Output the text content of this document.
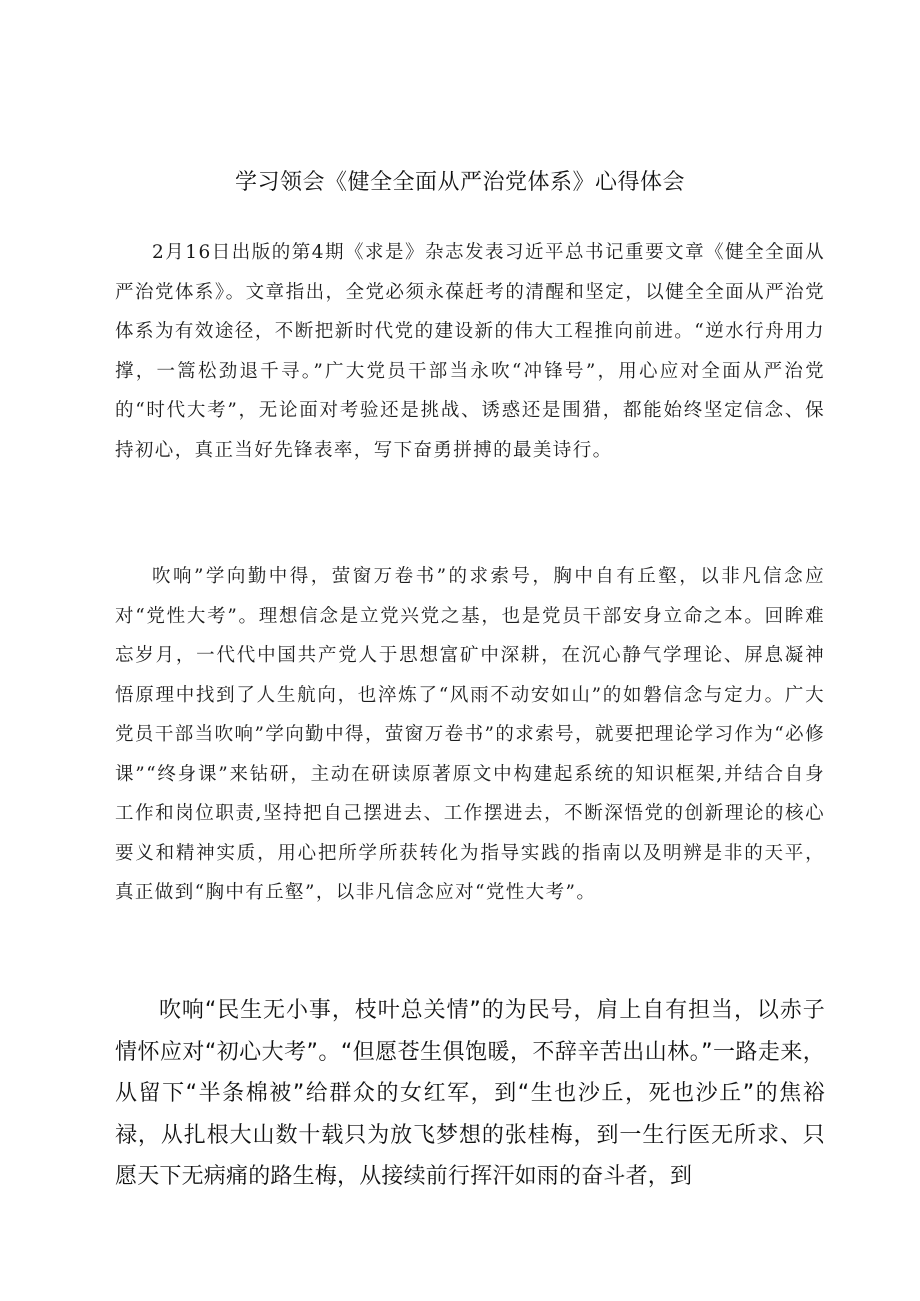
学习领会《健全全面从严治党体系》心得体会

2月16日出版的第4期《求是》杂志发表习近平总书记重要文章《健全全面从严治党体系》。文章指出，全党必须永葆赶考的清醒和坚定，以健全全面从严治党体系为有效途径，不断把新时代党的建设新的伟大工程推向前进。“逆水行舟用力撑，一篙松劲退千寻。”广大党员干部当永吹“冲锋号”，用心应对全面从严治党的“时代大考”，无论面对考验还是挑战、诱惑还是围猎，都能始终坚定信念、保持初心，真正当好先锋表率，写下奋勇拼搏的最美诗行。

吹响”学向勤中得，萤窗万卷书”的求索号，胸中自有丘壑，以非凡信念应对“党性大考”。理想信念是立党兴党之基，也是党员干部安身立命之本。回眸难忘岁月，一代代中国共产党人于思想富矿中深耕，在沉心静气学理论、屏息凝神悟原理中找到了人生航向，也淬炼了“风雨不动安如山”的如磐信念与定力。广大党员干部当吹响”学向勤中得，萤窗万卷书”的求索号，就要把理论学习作为“必修课”“终身课”来钻研，主动在研读原著原文中构建起系统的知识框架,并结合自身工作和岗位职责,坚持把自己摆进去、工作摆进去，不断深悟党的创新理论的核心要义和精神实质，用心把所学所获转化为指导实践的指南以及明辨是非的天平，真正做到“胸中有丘壑”，以非凡信念应对“党性大考”。

吹响“民生无小事，枝叶总关情”的为民号，肩上自有担当，以赤子情怀应对“初心大考”。“但愿苍生俱饱暖，不辞辛苦出山林。”一路走来，从留下“半条棉被”给群众的女红军，到“生也沙丘，死也沙丘”的焦裕禄，从扎根大山数十载只为放飞梦想的张桂梅，到一生行医无所求、只愿天下无病痛的路生梅，从接续前行挥汗如雨的奋斗者，到
